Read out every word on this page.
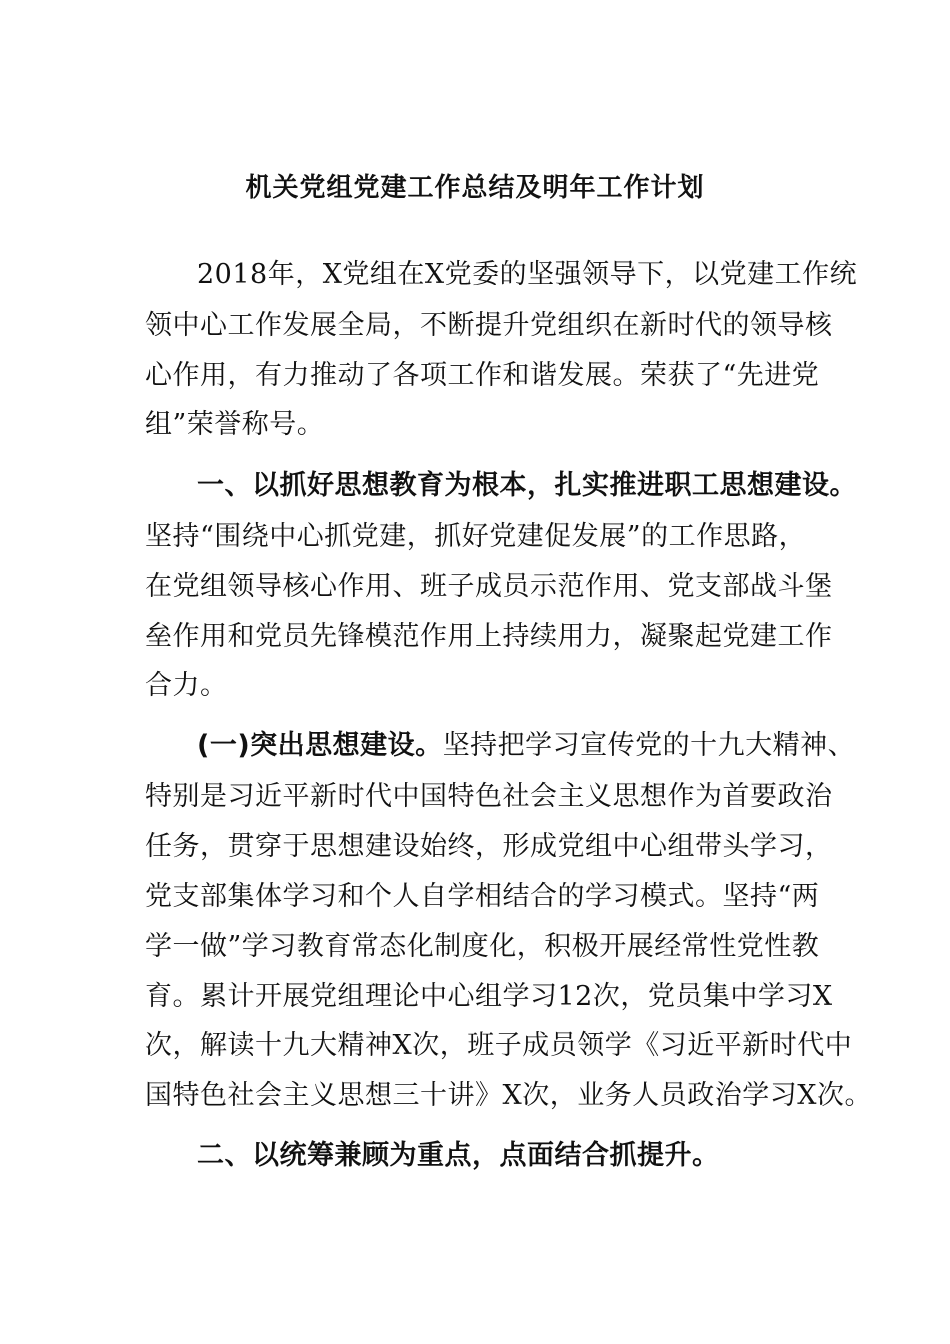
机关党组党建工作总结及明年工作计划
2018年，X党组在X党委的坚强领导下，以党建工作统
领中心工作发展全局，不断提升党组织在新时代的领导核
心作用，有力推动了各项工作和谐发展。荣获了“先进党
组”荣誉称号。
一、以抓好思想教育为根本，扎实推进职工思想建设。
坚持“围绕中心抓党建，抓好党建促发展”的工作思路，
在党组领导核心作用、班子成员示范作用、党支部战斗堡
垒作用和党员先锋模范作用上持续用力，凝聚起党建工作
合力。
(一)突出思想建设。坚持把学习宣传党的十九大精神、
特别是习近平新时代中国特色社会主义思想作为首要政治
任务，贯穿于思想建设始终，形成党组中心组带头学习，
党支部集体学习和个人自学相结合的学习模式。坚持“两
学一做”学习教育常态化制度化，积极开展经常性党性教
育。累计开展党组理论中心组学习12次，党员集中学习X
次，解读十九大精神X次，班子成员领学《习近平新时代中
国特色社会主义思想三十讲》X次，业务人员政治学习X次。
二、以统筹兼顾为重点，点面结合抓提升。
